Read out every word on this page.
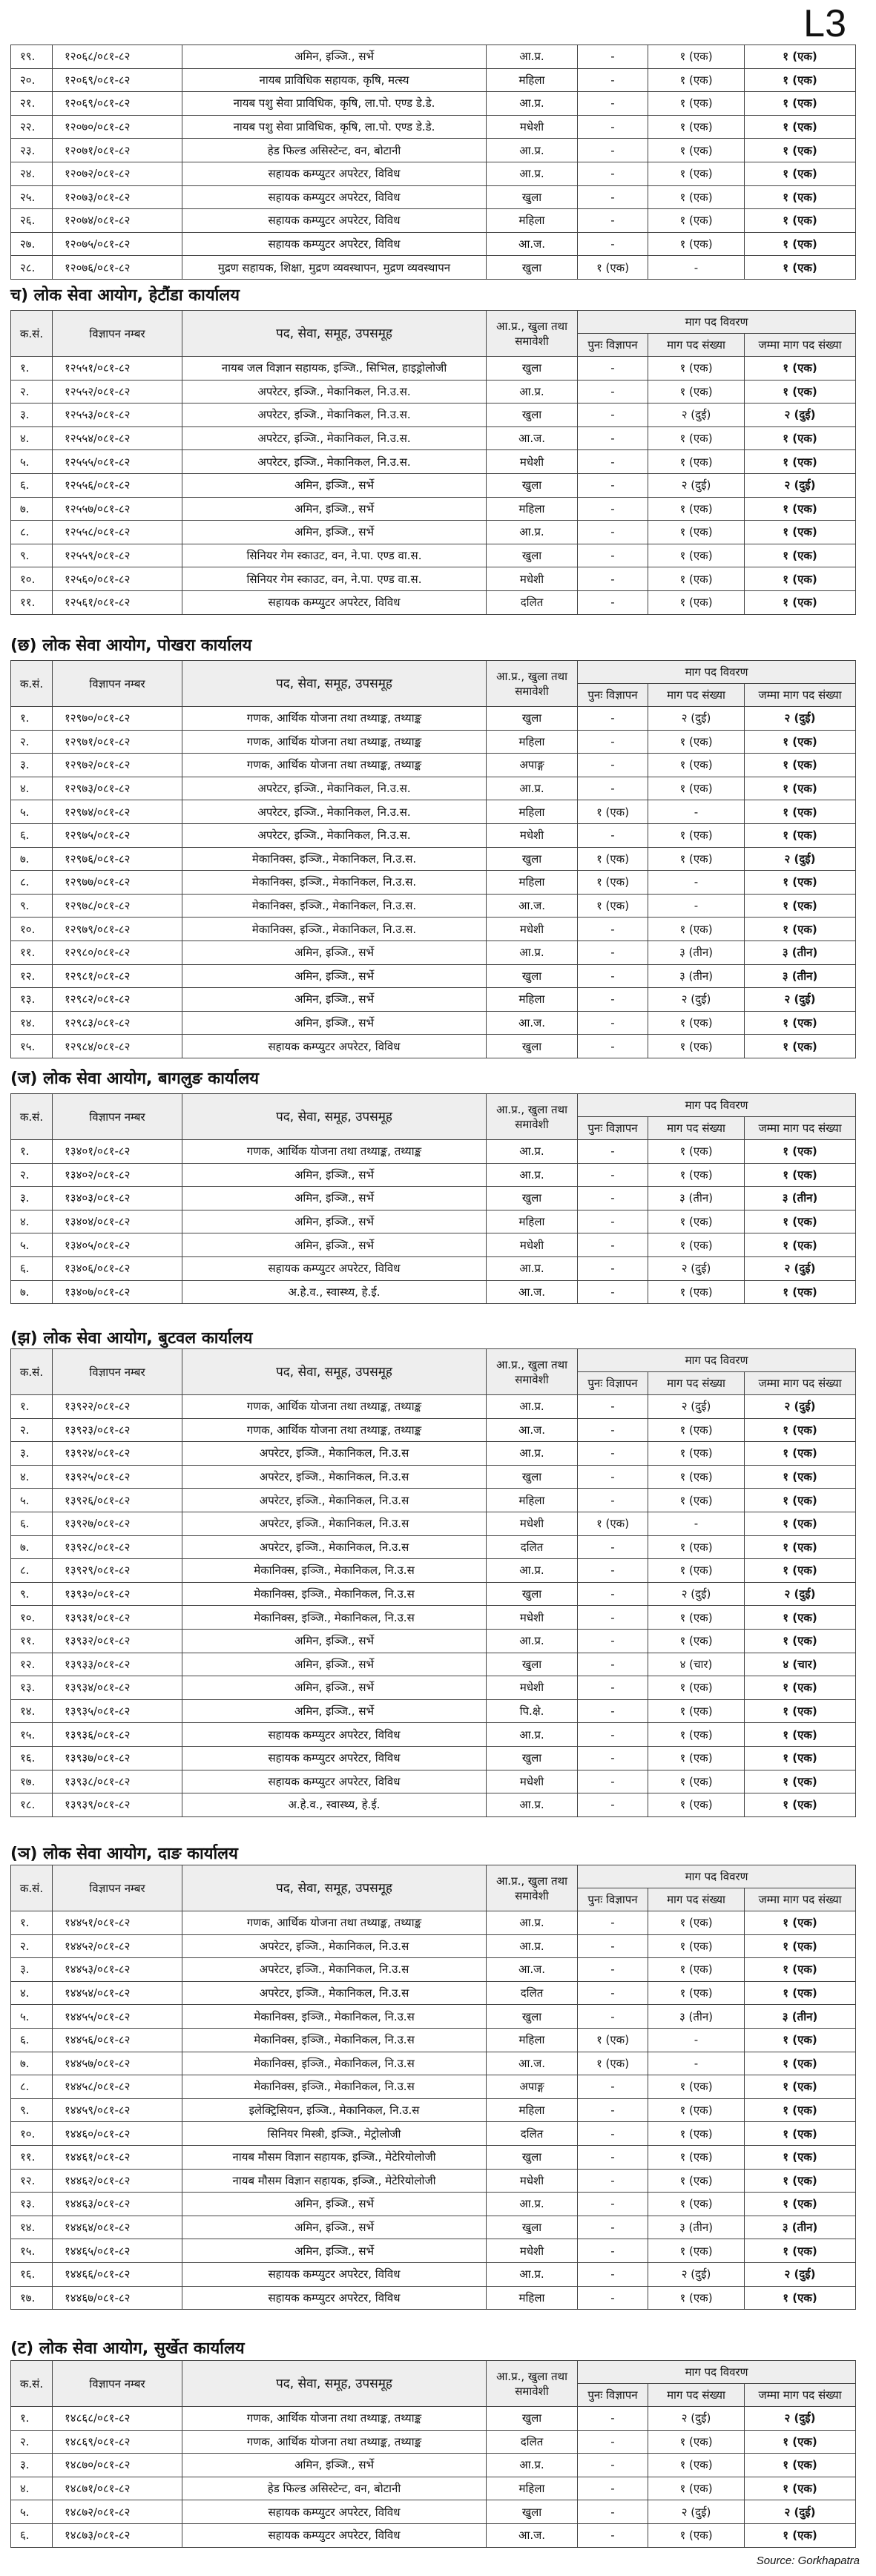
L3
१९.	१२०६८/०८१-८२	अमिन, इञ्जि., सर्भे	आ.प्र.	-	१ (एक)	१ (एक)
२०.	१२०६९/०८१-८२	नायब प्राविधिक सहायक, कृषि, मत्स्य	महिला	-	१ (एक)	१ (एक)
२१.	१२०६९/०८१-८२	नायब पशु सेवा प्राविधिक, कृषि, ला.पो. एण्ड डे.डे.	आ.प्र.	-	१ (एक)	१ (एक)
२२.	१२०७०/०८१-८२	नायब पशु सेवा प्राविधिक, कृषि, ला.पो. एण्ड डे.डे.	मधेशी	-	१ (एक)	१ (एक)
२३.	१२०७१/०८१-८२	हेड फिल्ड असिस्टेन्ट, वन, बोटानी	आ.प्र.	-	१ (एक)	१ (एक)
२४.	१२०७२/०८१-८२	सहायक कम्प्युटर अपरेटर, विविध	आ.प्र.	-	१ (एक)	१ (एक)
२५.	१२०७३/०८१-८२	सहायक कम्प्युटर अपरेटर, विविध	खुला	-	१ (एक)	१ (एक)
२६.	१२०७४/०८१-८२	सहायक कम्प्युटर अपरेटर, विविध	महिला	-	१ (एक)	१ (एक)
२७.	१२०७५/०८१-८२	सहायक कम्प्युटर अपरेटर, विविध	आ.ज.	-	१ (एक)	१ (एक)
२८.	१२०७६/०८१-८२	मुद्रण सहायक, शिक्षा, मुद्रण व्यवस्थापन, मुद्रण व्यवस्थापन	खुला	१ (एक)	-	१ (एक)
च) लोक सेवा आयोग, हेटौंडा कार्यालय
क.सं.	विज्ञापन नम्बर	पद, सेवा, समूह, उपसमूह	आ.प्र., खुला तथा समावेशी	माग पद विवरण		
				पुनः विज्ञापन	माग पद संख्या	जम्मा माग पद संख्या
१.	१२५५१/०८१-८२	नायब जल विज्ञान सहायक, इञ्जि., सिभिल, हाइड्रोलोजी	खुला	-	१ (एक)	१ (एक)
२.	१२५५२/०८१-८२	अपरेटर, इञ्जि., मेकानिकल, नि.उ.स.	आ.प्र.	-	१ (एक)	१ (एक)
३.	१२५५३/०८१-८२	अपरेटर, इञ्जि., मेकानिकल, नि.उ.स.	खुला	-	२ (दुई)	२ (दुई)
४.	१२५५४/०८१-८२	अपरेटर, इञ्जि., मेकानिकल, नि.उ.स.	आ.ज.	-	१ (एक)	१ (एक)
५.	१२५५५/०८१-८२	अपरेटर, इञ्जि., मेकानिकल, नि.उ.स.	मधेशी	-	१ (एक)	१ (एक)
६.	१२५५६/०८१-८२	अमिन, इञ्जि., सर्भे	खुला	-	२ (दुई)	२ (दुई)
७.	१२५५७/०८१-८२	अमिन, इञ्जि., सर्भे	महिला	-	१ (एक)	१ (एक)
८.	१२५५८/०८१-८२	अमिन, इञ्जि., सर्भे	आ.प्र.	-	१ (एक)	१ (एक)
९.	१२५५९/०८१-८२	सिनियर गेम स्काउट, वन, ने.पा. एण्ड वा.स.	खुला	-	१ (एक)	१ (एक)
१०.	१२५६०/०८१-८२	सिनियर गेम स्काउट, वन, ने.पा. एण्ड वा.स.	मधेशी	-	१ (एक)	१ (एक)
११.	१२५६१/०८१-८२	सहायक कम्प्युटर अपरेटर, विविध	दलित	-	१ (एक)	१ (एक)
(छ) लोक सेवा आयोग, पोखरा कार्यालय
क.सं.	विज्ञापन नम्बर	पद, सेवा, समूह, उपसमूह	आ.प्र., खुला तथा समावेशी	माग पद विवरण		
				पुनः विज्ञापन	माग पद संख्या	जम्मा माग पद संख्या
१.	१२९७०/०८१-८२	गणक, आर्थिक योजना तथा तथ्याङ्क, तथ्याङ्क	खुला	-	२ (दुई)	२ (दुई)
२.	१२९७१/०८१-८२	गणक, आर्थिक योजना तथा तथ्याङ्क, तथ्याङ्क	महिला	-	१ (एक)	१ (एक)
३.	१२९७२/०८१-८२	गणक, आर्थिक योजना तथा तथ्याङ्क, तथ्याङ्क	अपाङ्ग	-	१ (एक)	१ (एक)
४.	१२९७३/०८१-८२	अपरेटर, इञ्जि., मेकानिकल, नि.उ.स.	आ.प्र.	-	१ (एक)	१ (एक)
५.	१२९७४/०८१-८२	अपरेटर, इञ्जि., मेकानिकल, नि.उ.स.	महिला	१ (एक)	-	१ (एक)
६.	१२९७५/०८१-८२	अपरेटर, इञ्जि., मेकानिकल, नि.उ.स.	मधेशी	-	१ (एक)	१ (एक)
७.	१२९७६/०८१-८२	मेकानिक्स, इञ्जि., मेकानिकल, नि.उ.स.	खुला	१ (एक)	१ (एक)	२ (दुई)
८.	१२९७७/०८१-८२	मेकानिक्स, इञ्जि., मेकानिकल, नि.उ.स.	महिला	१ (एक)	-	१ (एक)
९.	१२९७८/०८१-८२	मेकानिक्स, इञ्जि., मेकानिकल, नि.उ.स.	आ.ज.	१ (एक)	-	१ (एक)
१०.	१२९७९/०८१-८२	मेकानिक्स, इञ्जि., मेकानिकल, नि.उ.स.	मधेशी	-	१ (एक)	१ (एक)
११.	१२९८०/०८१-८२	अमिन, इञ्जि., सर्भे	आ.प्र.	-	३ (तीन)	३ (तीन)
१२.	१२९८१/०८१-८२	अमिन, इञ्जि., सर्भे	खुला	-	३ (तीन)	३ (तीन)
१३.	१२९८२/०८१-८२	अमिन, इञ्जि., सर्भे	महिला	-	२ (दुई)	२ (दुई)
१४.	१२९८३/०८१-८२	अमिन, इञ्जि., सर्भे	आ.ज.	-	१ (एक)	१ (एक)
१५.	१२९८४/०८१-८२	सहायक कम्प्युटर अपरेटर, विविध	खुला	-	१ (एक)	१ (एक)
(ज) लोक सेवा आयोग, बागलुङ कार्यालय
क.सं.	विज्ञापन नम्बर	पद, सेवा, समूह, उपसमूह	आ.प्र., खुला तथा समावेशी	माग पद विवरण		
				पुनः विज्ञापन	माग पद संख्या	जम्मा माग पद संख्या
१.	१३४०१/०८१-८२	गणक, आर्थिक योजना तथा तथ्याङ्क, तथ्याङ्क	आ.प्र.	-	१ (एक)	१ (एक)
२.	१३४०२/०८१-८२	अमिन, इञ्जि., सर्भे	आ.प्र.	-	१ (एक)	१ (एक)
३.	१३४०३/०८१-८२	अमिन, इञ्जि., सर्भे	खुला	-	३ (तीन)	३ (तीन)
४.	१३४०४/०८१-८२	अमिन, इञ्जि., सर्भे	महिला	-	१ (एक)	१ (एक)
५.	१३४०५/०८१-८२	अमिन, इञ्जि., सर्भे	मधेशी	-	१ (एक)	१ (एक)
६.	१३४०६/०८१-८२	सहायक कम्प्युटर अपरेटर, विविध	आ.प्र.	-	२ (दुई)	२ (दुई)
७.	१३४०७/०८१-८२	अ.हे.व., स्वास्थ्य, हे.ई.	आ.ज.	-	१ (एक)	१ (एक)
(झ) लोक सेवा आयोग, बुटवल कार्यालय
क.सं.	विज्ञापन नम्बर	पद, सेवा, समूह, उपसमूह	आ.प्र., खुला तथा समावेशी	माग पद विवरण		
				पुनः विज्ञापन	माग पद संख्या	जम्मा माग पद संख्या
१.	१३९२२/०८१-८२	गणक, आर्थिक योजना तथा तथ्याङ्क, तथ्याङ्क	आ.प्र.	-	२ (दुई)	२ (दुई)
२.	१३९२३/०८१-८२	गणक, आर्थिक योजना तथा तथ्याङ्क, तथ्याङ्क	आ.ज.	-	१ (एक)	१ (एक)
३.	१३९२४/०८१-८२	अपरेटर, इञ्जि., मेकानिकल, नि.उ.स	आ.प्र.	-	१ (एक)	१ (एक)
४.	१३९२५/०८१-८२	अपरेटर, इञ्जि., मेकानिकल, नि.उ.स	खुला	-	१ (एक)	१ (एक)
५.	१३९२६/०८१-८२	अपरेटर, इञ्जि., मेकानिकल, नि.उ.स	महिला	-	१ (एक)	१ (एक)
६.	१३९२७/०८१-८२	अपरेटर, इञ्जि., मेकानिकल, नि.उ.स	मधेशी	१ (एक)	-	१ (एक)
७.	१३९२८/०८१-८२	अपरेटर, इञ्जि., मेकानिकल, नि.उ.स	दलित	-	१ (एक)	१ (एक)
८.	१३९२९/०८१-८२	मेकानिक्स, इञ्जि., मेकानिकल, नि.उ.स	आ.प्र.	-	१ (एक)	१ (एक)
९.	१३९३०/०८१-८२	मेकानिक्स, इञ्जि., मेकानिकल, नि.उ.स	खुला	-	२ (दुई)	२ (दुई)
१०.	१३९३१/०८१-८२	मेकानिक्स, इञ्जि., मेकानिकल, नि.उ.स	मधेशी	-	१ (एक)	१ (एक)
११.	१३९३२/०८१-८२	अमिन, इञ्जि., सर्भे	आ.प्र.	-	१ (एक)	१ (एक)
१२.	१३९३३/०८१-८२	अमिन, इञ्जि., सर्भे	खुला	-	४ (चार)	४ (चार)
१३.	१३९३४/०८१-८२	अमिन, इञ्जि., सर्भे	मधेशी	-	१ (एक)	१ (एक)
१४.	१३९३५/०८१-८२	अमिन, इञ्जि., सर्भे	पि.क्षे.	-	१ (एक)	१ (एक)
१५.	१३९३६/०८१-८२	सहायक कम्प्युटर अपरेटर, विविध	आ.प्र.	-	१ (एक)	१ (एक)
१६.	१३९३७/०८१-८२	सहायक कम्प्युटर अपरेटर, विविध	खुला	-	१ (एक)	१ (एक)
१७.	१३९३८/०८१-८२	सहायक कम्प्युटर अपरेटर, विविध	मधेशी	-	१ (एक)	१ (एक)
१८.	१३९३९/०८१-८२	अ.हे.व., स्वास्थ्य, हे.ई.	आ.प्र.	-	१ (एक)	१ (एक)
(ञ) लोक सेवा आयोग, दाङ कार्यालय
क.सं.	विज्ञापन नम्बर	पद, सेवा, समूह, उपसमूह	आ.प्र., खुला तथा समावेशी	माग पद विवरण		
				पुनः विज्ञापन	माग पद संख्या	जम्मा माग पद संख्या
१.	१४४५१/०८१-८२	गणक, आर्थिक योजना तथा तथ्याङ्क, तथ्याङ्क	आ.प्र.	-	१ (एक)	१ (एक)
२.	१४४५२/०८१-८२	अपरेटर, इञ्जि., मेकानिकल, नि.उ.स	आ.प्र.	-	१ (एक)	१ (एक)
३.	१४४५३/०८१-८२	अपरेटर, इञ्जि., मेकानिकल, नि.उ.स	आ.ज.	-	१ (एक)	१ (एक)
४.	१४४५४/०८१-८२	अपरेटर, इञ्जि., मेकानिकल, नि.उ.स	दलित	-	१ (एक)	१ (एक)
५.	१४४५५/०८१-८२	मेकानिक्स, इञ्जि., मेकानिकल, नि.उ.स	खुला	-	३ (तीन)	३ (तीन)
६.	१४४५६/०८१-८२	मेकानिक्स, इञ्जि., मेकानिकल, नि.उ.स	महिला	१ (एक)	-	१ (एक)
७.	१४४५७/०८१-८२	मेकानिक्स, इञ्जि., मेकानिकल, नि.उ.स	आ.ज.	१ (एक)	-	१ (एक)
८.	१४४५८/०८१-८२	मेकानिक्स, इञ्जि., मेकानिकल, नि.उ.स	अपाङ्ग	-	१ (एक)	१ (एक)
९.	१४४५९/०८१-८२	इलेक्ट्रिसियन, इञ्जि., मेकानिकल, नि.उ.स	महिला	-	१ (एक)	१ (एक)
१०.	१४४६०/०८१-८२	सिनियर मिस्त्री, इञ्जि., मेट्रोलोजी	दलित	-	१ (एक)	१ (एक)
११.	१४४६१/०८१-८२	नायब मौसम विज्ञान सहायक, इञ्जि., मेटेरियोलोजी	खुला	-	१ (एक)	१ (एक)
१२.	१४४६२/०८१-८२	नायब मौसम विज्ञान सहायक, इञ्जि., मेटेरियोलोजी	मधेशी	-	१ (एक)	१ (एक)
१३.	१४४६३/०८१-८२	अमिन, इञ्जि., सर्भे	आ.प्र.	-	१ (एक)	१ (एक)
१४.	१४४६४/०८१-८२	अमिन, इञ्जि., सर्भे	खुला	-	३ (तीन)	३ (तीन)
१५.	१४४६५/०८१-८२	अमिन, इञ्जि., सर्भे	मधेशी	-	१ (एक)	१ (एक)
१६.	१४४६६/०८१-८२	सहायक कम्प्युटर अपरेटर, विविध	आ.प्र.	-	२ (दुई)	२ (दुई)
१७.	१४४६७/०८१-८२	सहायक कम्प्युटर अपरेटर, विविध	महिला	-	१ (एक)	१ (एक)
(ट) लोक सेवा आयोग, सुर्खेत कार्यालय
क.सं.	विज्ञापन नम्बर	पद, सेवा, समूह, उपसमूह	आ.प्र., खुला तथा समावेशी	माग पद विवरण		
				पुनः विज्ञापन	माग पद संख्या	जम्मा माग पद संख्या
१.	१४८६८/०८१-८२	गणक, आर्थिक योजना तथा तथ्याङ्क, तथ्याङ्क	खुला	-	२ (दुई)	२ (दुई)
२.	१४८६९/०८१-८२	गणक, आर्थिक योजना तथा तथ्याङ्क, तथ्याङ्क	दलित	-	१ (एक)	१ (एक)
३.	१४८७०/०८१-८२	अमिन, इञ्जि., सर्भे	आ.प्र.	-	१ (एक)	१ (एक)
४.	१४८७१/०८१-८२	हेड फिल्ड असिस्टेन्ट, वन, बोटानी	महिला	-	१ (एक)	१ (एक)
५.	१४८७२/०८१-८२	सहायक कम्प्युटर अपरेटर, विविध	खुला	-	२ (दुई)	२ (दुई)
६.	१४८७३/०८१-८२	सहायक कम्प्युटर अपरेटर, विविध	आ.ज.	-	१ (एक)	१ (एक)
Source: Gorkhapatra
